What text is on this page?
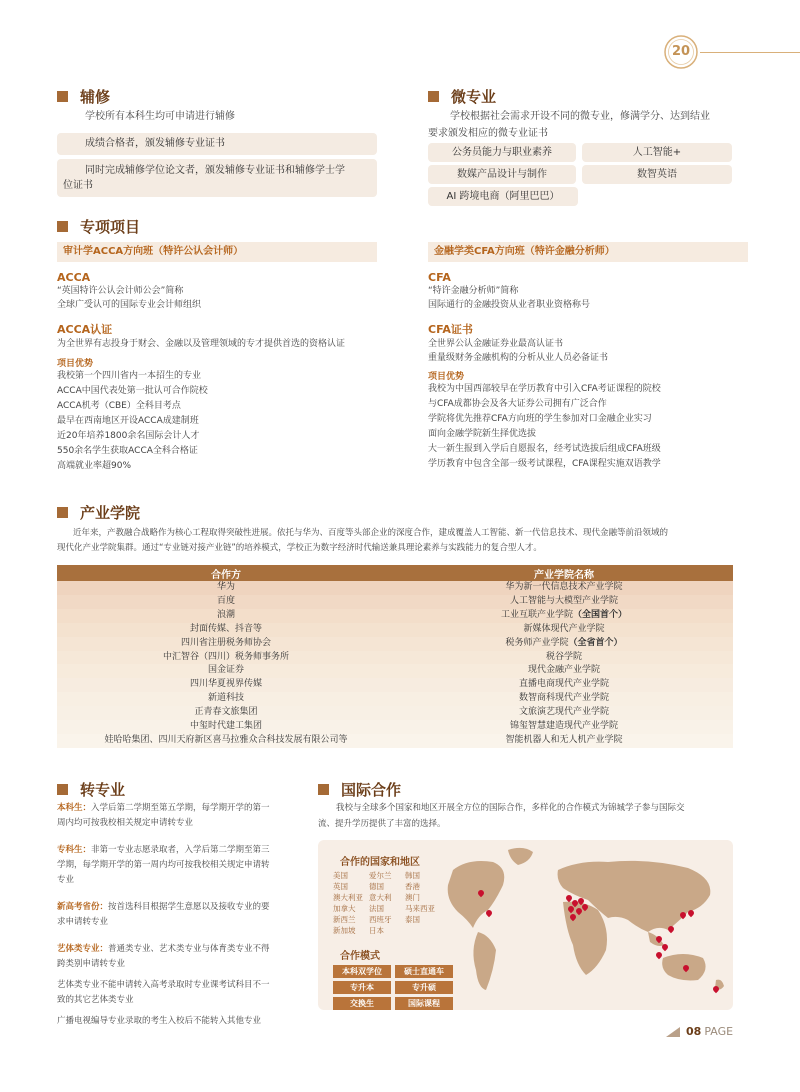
20
辅修
学校所有本科生均可申请进行辅修
成绩合格者，颁发辅修专业证书
同时完成辅修学位论文者，颁发辅修专业证书和辅修学士学
位证书
微专业
学校根据社会需求开设不同的微专业，修满学分、达到结业
要求颁发相应的微专业证书
公务员能力与职业素养	人工智能+
数媒产品设计与制作	数智英语
AI 跨境电商（阿里巴巴）
专项项目
审计学ACCA方向班（特许公认会计师）
ACCA
“英国特许公认会计师公会”简称
全球广受认可的国际专业会计师组织
ACCA认证
为全世界有志投身于财会、金融以及管理领域的专才提供首选的资格认证
项目优势
我校第一个四川省内一本招生的专业
ACCA中国代表处第一批认可合作院校
ACCA机考（CBE）全科目考点
最早在西南地区开设ACCA成建制班
近20年培养1800余名国际会计人才
550余名学生获取ACCA全科合格证
高端就业率超90%
金融学类CFA方向班（特许金融分析师）
CFA
“特许金融分析师”简称
国际通行的金融投资从业者职业资格称号
CFA证书
全世界公认金融证券业最高认证书
重量级财务金融机构的分析从业人员必备证书
项目优势
我校为中国西部较早在学历教育中引入CFA考证课程的院校
与CFA成都协会及各大证券公司拥有广泛合作
学院将优先推荐CFA方向班的学生参加对口金融企业实习
面向金融学院新生择优选拔
大一新生报到入学后自愿报名，经考试选拔后组成CFA班级
学历教育中包含全部一级考试课程，CFA课程实施双语教学
产业学院
近年来，产教融合战略作为核心工程取得突破性进展。依托与华为、百度等头部企业的深度合作，建成覆盖人工智能、新一代信息技术、现代金融等前沿领域的
现代化产业学院集群。通过“专业链对接产业链”的培养模式，学校正为数字经济时代输送兼具理论素养与实践能力的复合型人才。
合作方	产业学院名称
华为	华为新一代信息技术产业学院
百度	人工智能与大模型产业学院
浪潮	工业互联产业学院（全国首个）
封面传媒、抖音等	新媒体现代产业学院
四川省注册税务师协会	税务师产业学院（全省首个）
中汇智谷（四川）税务师事务所	税谷学院
国金证券	现代金融产业学院
四川华夏视界传媒	直播电商现代产业学院
新道科技	数智商科现代产业学院
正青春文旅集团	文旅演艺现代产业学院
中玺时代建工集团	锦玺智慧建造现代产业学院
娃哈哈集团、四川天府新区喜马拉雅众合科技发展有限公司等	智能机器人和无人机产业学院
转专业
本科生：入学后第二学期至第五学期，每学期开学的第一
周内均可按我校相关规定申请转专业
专科生：非第一专业志愿录取者，入学后第二学期至第三
学期，每学期开学的第一周内均可按我校相关规定申请转
专业
新高考省份：按首选科目根据学生意愿以及接收专业的要
求申请转专业
艺体类专业：普通类专业、艺术类专业与体育类专业不得
跨类别申请转专业
艺体类专业不能申请转入高考录取时专业课考试科目不一
致的其它艺体类专业
广播电视编导专业录取的考生入校后不能转入其他专业
国际合作
我校与全球多个国家和地区开展全方位的国际合作，多样化的合作模式为锦城学子参与国际交
流、提升学历提供了丰富的选择。
合作的国家和地区
美国	爱尔兰	韩国
英国	德国	香港
澳大利亚	意大利	澳门
加拿大	法国	马来西亚
新西兰	西班牙	泰国
新加坡	日本	
合作模式
本科双学位	硕士直通车
专升本	专升硕
交换生	国际课程
08 PAGE
